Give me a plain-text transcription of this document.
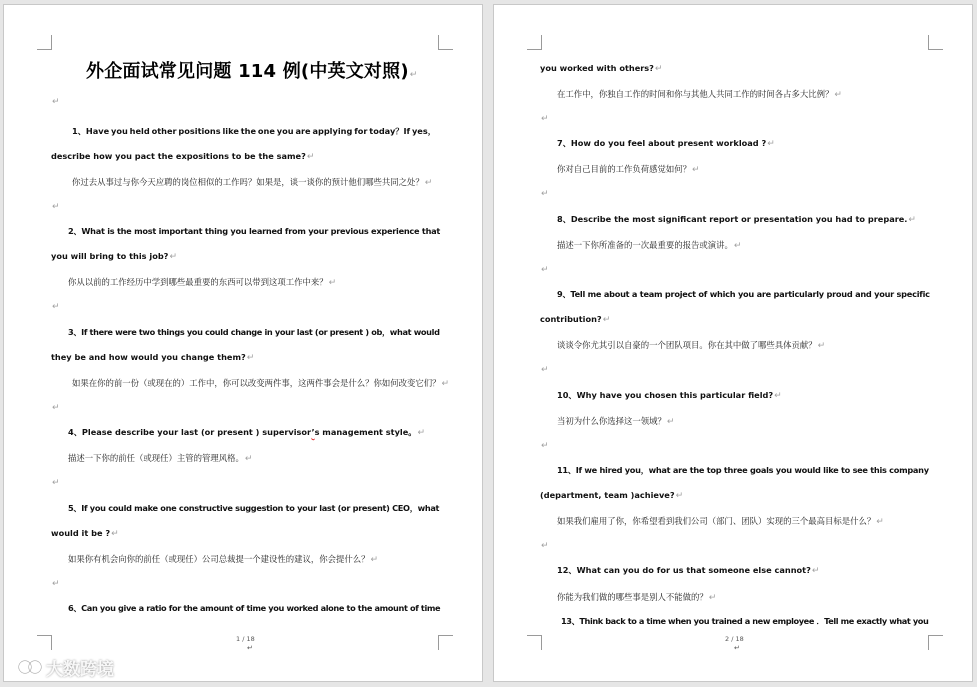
外企面试常见问题 114 例(中英文对照)↵
↵
1、Have you held other positions like the one you are applying for today？If yes，
describe how you pact the expositions to be the same?↵
你过去从事过与你今天应聘的岗位相似的工作吗？如果是，谈一谈你的预计他们哪些共同之处？↵
↵
2、What is the most important thing you learned from your previous experience that
you will bring to this job?↵
你从以前的工作经历中学到哪些最重要的东西可以带到这项工作中来？↵
↵
3、If there were two things you could change in your last (or present ) ob，what would
they be and how would you change them?↵
如果在你的前一份（或现在的）工作中，你可以改变两件事，这两件事会是什么？你如何改变它们？↵
↵
4、Please describe your last (or present ) supervisor’s management style。↵
描述一下你的前任（或现任）主管的管理风格。↵
↵
5、If you could make one constructive suggestion to your last (or present) CEO，what
would it be ?↵
如果你有机会向你的前任（或现任）公司总裁提一个建设性的建议，你会提什么？↵
↵
6、Can you give a ratio for the amount of time you worked alone to the amount of time
1 / 18
↵
you worked with others?↵
在工作中，你独自工作的时间和你与其他人共同工作的时间各占多大比例？↵
↵
7、How do you feel about present workload ?↵
你对自己目前的工作负荷感觉如何？↵
↵
8、Describe the most significant report or presentation you had to prepare.↵
描述一下你所准备的一次最重要的报告或演讲。↵
↵
9、Tell me about a team project of which you are particularly proud and your specific
contribution?↵
谈谈令你尤其引以自豪的一个团队项目。你在其中做了哪些具体贡献？↵
↵
10、Why have you chosen this particular field?↵
当初为什么你选择这一领域？↵
↵
11、If we hired you，what are the top three goals you would like to see this company
(department, team )achieve?↵
如果我们雇用了你，你希望看到我们公司（部门、团队）实现的三个最高目标是什么？↵
↵
12、What can you do for us that someone else cannot?↵
你能为我们做的哪些事是别人不能做的？↵
13、Think back to a time when you trained a new employee ．Tell me exactly what you
2 / 18
↵
大数跨境
